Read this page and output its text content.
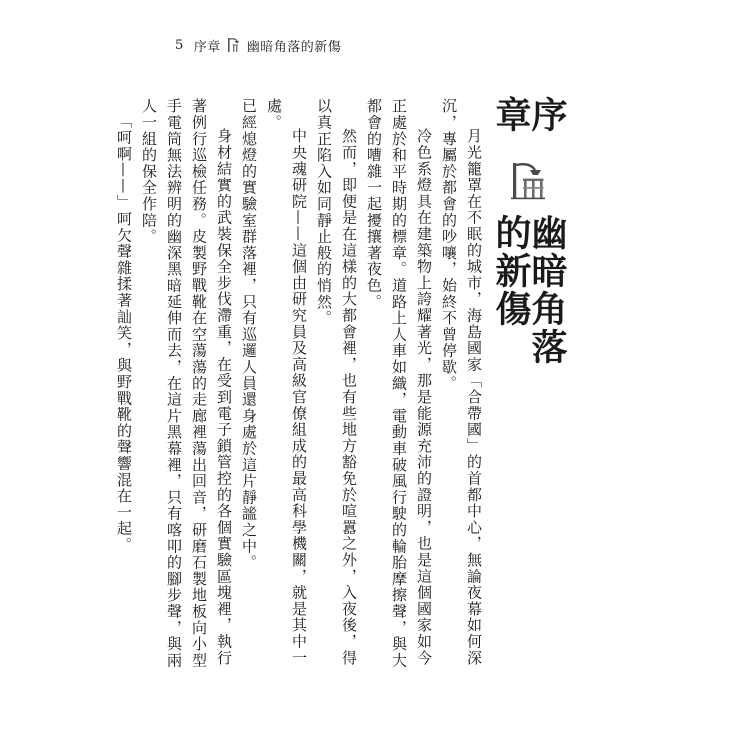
5 序章 幽暗角落的新傷
序章
幽暗角落的新傷

月光籠罩在不眠的城市，海島國家「合帶國」的首都中心，無論夜幕如何深沉，專屬於都會的吵嚷，始終不曾停歇。

冷色系燈具在建築物上誇耀著光，那是能源充沛的證明，也是這個國家如今正處於和平時期的標章。道路上人車如織，電動車破風行駛的輪胎摩擦聲，與大都會的嘈雜一起擾攘著夜色。

然而，即便是在這樣的大都會裡，也有些地方豁免於喧囂之外，入夜後，得以真正陷入如同靜止般的悄然。

中央魂研院——這個由研究員及高級官僚組成的最高科學機關，就是其中一處。

已經熄燈的實驗室群落裡，只有巡邏人員還身處於這片靜謐之中。

身材結實的武裝保全步伐滯重，在受到電子鎖管控的各個實驗區塊裡，執行著例行巡檢任務。皮製野戰靴在空蕩蕩的走廊裡蕩出回音，研磨石製地板向小型手電筒無法辨明的幽深黑暗延伸而去，在這片黑幕裡，只有喀叩的腳步聲，與兩人一組的保全作陪。

「呵啊——」呵欠聲雜揉著訕笑，與野戰靴的聲響混在一起。
